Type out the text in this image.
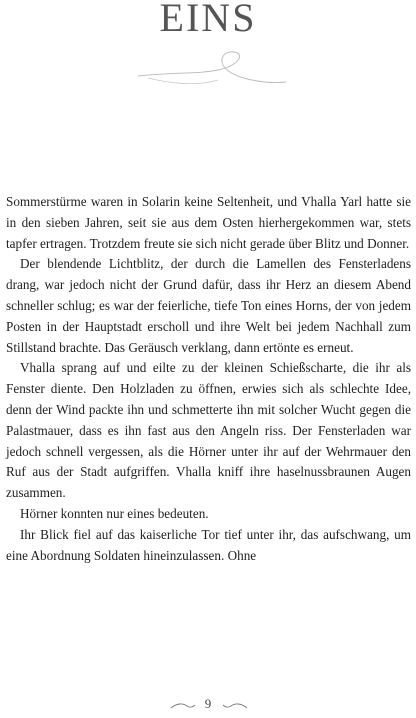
EINS

Sommerstürme waren in Solarin keine Seltenheit, und Vhalla Yarl hatte sie in den sieben Jahren, seit sie aus dem Osten hierhergekommen war, stets tapfer ertragen. Trotzdem freute sie sich nicht gerade über Blitz und Donner.

Der blendende Lichtblitz, der durch die Lamellen des Fensterladens drang, war jedoch nicht der Grund dafür, dass ihr Herz an diesem Abend schneller schlug; es war der feierliche, tiefe Ton eines Horns, der von jedem Posten in der Hauptstadt erscholl und ihre Welt bei jedem Nachhall zum Stillstand brachte. Das Geräusch verklang, dann ertönte es erneut.

Vhalla sprang auf und eilte zu der kleinen Schießscharte, die ihr als Fenster diente. Den Holzladen zu öffnen, erwies sich als schlechte Idee, denn der Wind packte ihn und schmetterte ihn mit solcher Wucht gegen die Palastmauer, dass es ihn fast aus den Angeln riss. Der Fensterladen war jedoch schnell vergessen, als die Hörner unter ihr auf der Wehrmauer den Ruf aus der Stadt aufgriffen. Vhalla kniff ihre haselnussbraunen Augen zusammen.

Hörner konnten nur eines bedeuten.

Ihr Blick fiel auf das kaiserliche Tor tief unter ihr, das aufschwang, um eine Abordnung Soldaten hineinzulassen. Ohne

9
